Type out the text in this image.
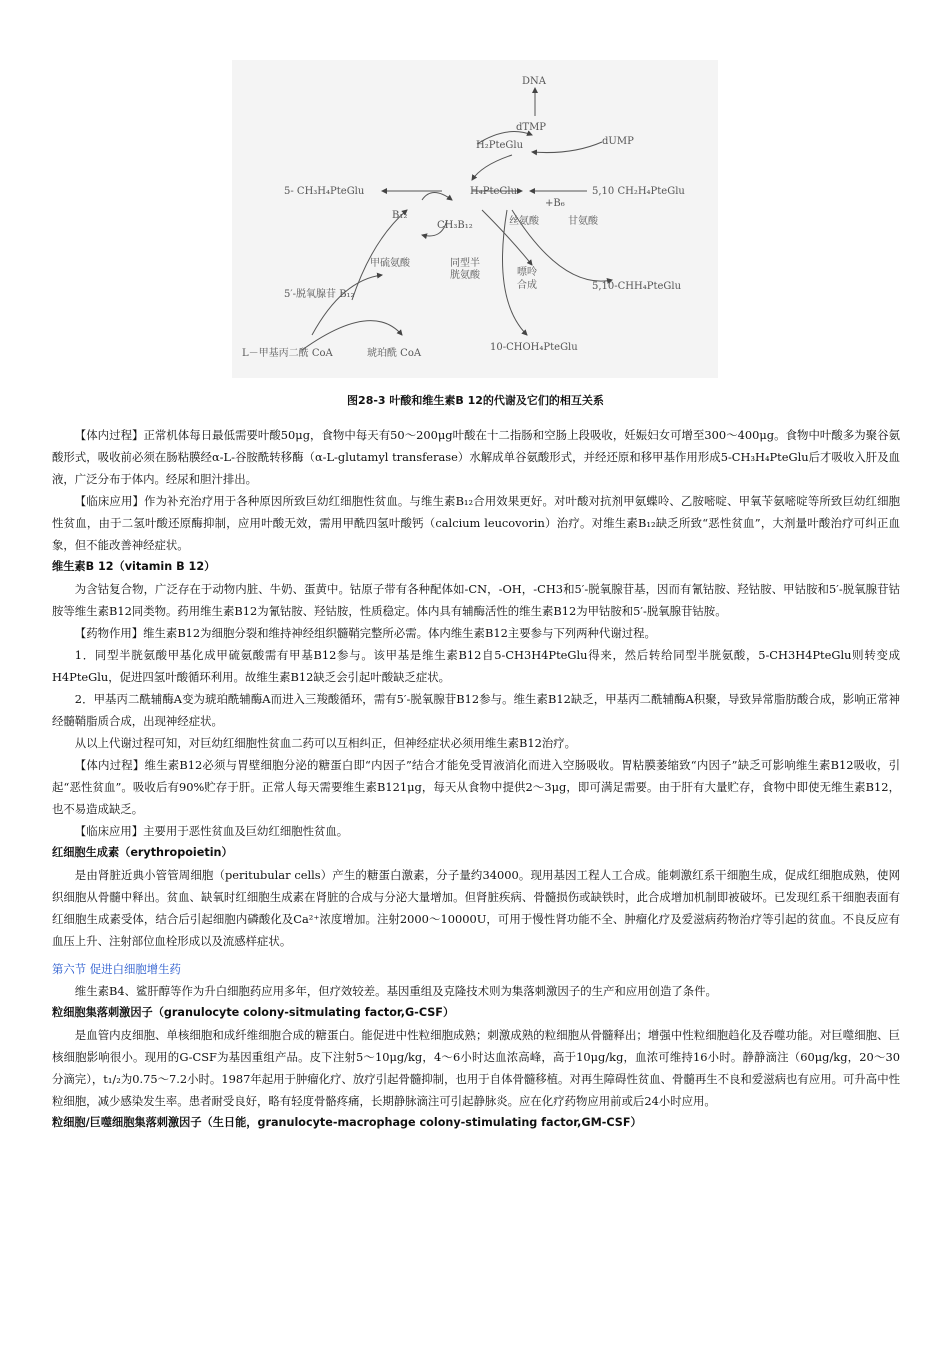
DNA
dTMP
H₂PteGlu	dUMP
5- CH₃H₄PteGlu	H₄PteGlu	5,10 CH₂H₄PteGlu
B₁₂
CH₃B₁₂
+B₆
丝氨酸	甘氨酸
甲硫氨酸	同型半
胱氨酸	嘌呤
合成	5,10-CHH₄PteGlu
5′-脱氧腺苷 B₁₂
L－甲基丙二酰 CoA	琥珀酰 CoA
10-CHOH₄PteGlu
图28-3 叶酸和维生素B 12的代谢及它们的相互关系

【体内过程】正常机体每日最低需要叶酸50μg，食物中每天有50～200μg叶酸在十二指肠和空肠上段吸收，妊娠妇女可增至300～400μg。食物中叶酸多为聚谷氨酸形式，吸收前必须在肠粘膜经α-L-谷胺酰转移酶（α-L-glutamyl transferase）水解成单谷氨酸形式，并经还原和移甲基作用形成5-CH₃H₄PteGlu后才吸收入肝及血液，广泛分布于体内。经尿和胆汁排出。

【临床应用】作为补充治疗用于各种原因所致巨幼红细胞性贫血。与维生素B₁₂合用效果更好。对叶酸对抗剂甲氨蝶呤、乙胺嘧啶、甲氧苄氨嘧啶等所致巨幼红细胞性贫血，由于二氢叶酸还原酶抑制，应用叶酸无效，需用甲酰四氢叶酸钙（calcium leucovorin）治疗。对维生素B₁₂缺乏所致“恶性贫血”，大剂量叶酸治疗可纠正血象，但不能改善神经症状。

维生素B 12（vitamin B 12）

为含钴复合物，广泛存在于动物内脏、牛奶、蛋黄中。钴原子带有各种配体如-CN，-OH，-CH3和5′-脱氧腺苷基，因而有氰钴胺、羟钴胺、甲钴胺和5′-脱氧腺苷钴胺等维生素B12同类物。药用维生素B12为氰钴胺、羟钴胺，性质稳定。体内具有辅酶活性的维生素B12为甲钴胺和5′-脱氧腺苷钴胺。

【药物作用】维生素B12为细胞分裂和维持神经组织髓鞘完整所必需。体内维生素B12主要参与下列两种代谢过程。

1．同型半胱氨酸甲基化成甲硫氨酸需有甲基B12参与。该甲基是维生素B12自5-CH3H4PteGlu得来，然后转给同型半胱氨酸，5-CH3H4PteGlu则转变成H4PteGlu，促进四氢叶酸循环利用。故维生素B12缺乏会引起叶酸缺乏症状。

2．甲基丙二酰辅酶A变为琥珀酰辅酶A而进入三羧酸循环，需有5′-脱氧腺苷B12参与。维生素B12缺乏，甲基丙二酰辅酶A积聚，导致异常脂肪酸合成，影响正常神经髓鞘脂质合成，出现神经症状。

从以上代谢过程可知，对巨幼红细胞性贫血二药可以互相纠正，但神经症状必须用维生素B12治疗。

【体内过程】维生素B12必须与胃壁细胞分泌的糖蛋白即“内因子”结合才能免受胃液消化而进入空肠吸收。胃粘膜萎缩致“内因子”缺乏可影响维生素B12吸收，引起“恶性贫血”。吸收后有90%贮存于肝。正常人每天需要维生素B121μg，每天从食物中提供2～3μg，即可满足需要。由于肝有大量贮存，食物中即使无维生素B12，也不易造成缺乏。

【临床应用】主要用于恶性贫血及巨幼红细胞性贫血。

红细胞生成素（erythropoietin）

是由肾脏近典小管管周细胞（peritubular cells）产生的糖蛋白激素，分子量约34000。现用基因工程人工合成。能刺激红系干细胞生成，促成红细胞成熟，使网织细胞从骨髓中释出。贫血、缺氧时红细胞生成素在肾脏的合成与分泌大量增加。但肾脏疾病、骨髓损伤或缺铁时，此合成增加机制即被破坏。已发现红系干细胞表面有红细胞生成素受体，结合后引起细胞内磷酸化及Ca²⁺浓度增加。注射2000～10000U，可用于慢性肾功能不全、肿瘤化疗及爱滋病药物治疗等引起的贫血。不良反应有血压上升、注射部位血栓形成以及流感样症状。

第六节 促进白细胞增生药

维生素B4、鲨肝醇等作为升白细胞药应用多年，但疗效较差。基因重组及克隆技术则为集落刺激因子的生产和应用创造了条件。

粒细胞集落刺激因子（granulocyte colony-sitmulating factor,G-CSF）

是血管内皮细胞、单核细胞和成纤维细胞合成的糖蛋白。能促进中性粒细胞成熟；刺激成熟的粒细胞从骨髓释出；增强中性粒细胞趋化及吞噬功能。对巨噬细胞、巨核细胞影响很小。现用的G-CSF为基因重组产品。皮下注射5～10μg/kg，4～6小时达血浓高峰，高于10μg/kg，血浓可维持16小时。静静滴注（60μg/kg，20～30分滴完），t₁/₂为0.75～7.2小时。1987年起用于肿瘤化疗、放疗引起骨髓抑制，也用于自体骨髓移植。对再生障碍性贫血、骨髓再生不良和爱滋病也有应用。可升高中性粒细胞，减少感染发生率。患者耐受良好，略有轻度骨骼疼痛，长期静脉滴注可引起静脉炎。应在化疗药物应用前或后24小时应用。

粒细胞/巨噬细胞集落刺激因子（生日能，granulocyte-macrophage colony-stimulating factor,GM-CSF）
